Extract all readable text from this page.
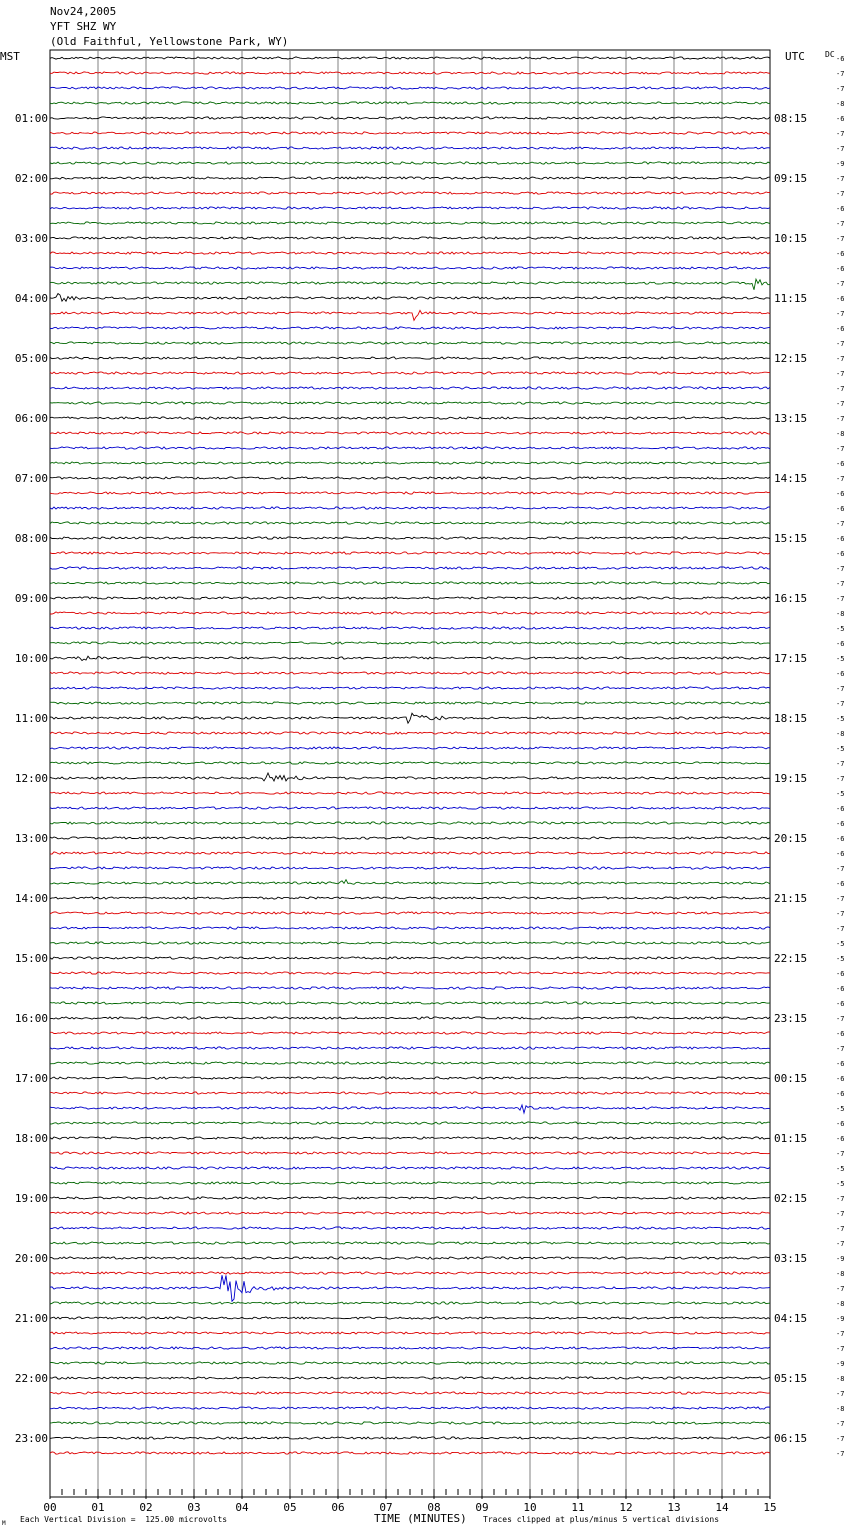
Nov24,2005
YFT SHZ WY
(Old Faithful, Yellowstone Park, WY)
MST	UTC	DC -6
-7
-7
-8
-6
-7
-7
-9
-7
-7
-6
-7
-7
-6
-6
-7
-6
-7
-6
-7
-7
-7
-7
-7
-7
-8
-7
-6
-7
-6
-6
-7
-6
-6
-7
-7
-7
-8
-5
-6
-5
-6
-7
-7
-5
-8
-5
-7
-7
-5
-6
-6
-6
-6
-7
-6
-7
-7
-7
-5
-5
-6
-6
-6
-7
-6
-7
-6
-6
-6
-5
-6
-6
-7
-5
-5
-7
-7
-7
-7
-9
-8
-7
-8
-9
-7
-7
-9
-8
-7
-8
-7
-7
-7
01:00
02:00
03:00
04:00
05:00
06:00
07:00
08:00
09:00
10:00
11:00
12:00
13:00
14:00
15:00
16:00
17:00
18:00
19:00
20:00
21:00
22:00
23:00
08:15
09:15
10:15
11:15
12:15
13:15
14:15
15:15
16:15
17:15
18:15
19:15
20:15
21:15
22:15
23:15
00:15
01:15
02:15
03:15
04:15
05:15
06:15
00	01	02	03	04	05	06	07	08	09	10	11	12	13	14	15
Each Vertical Division =  125.00 microvolts	TIME (MINUTES) Traces clipped at plus/minus 5 vertical divisions
M
